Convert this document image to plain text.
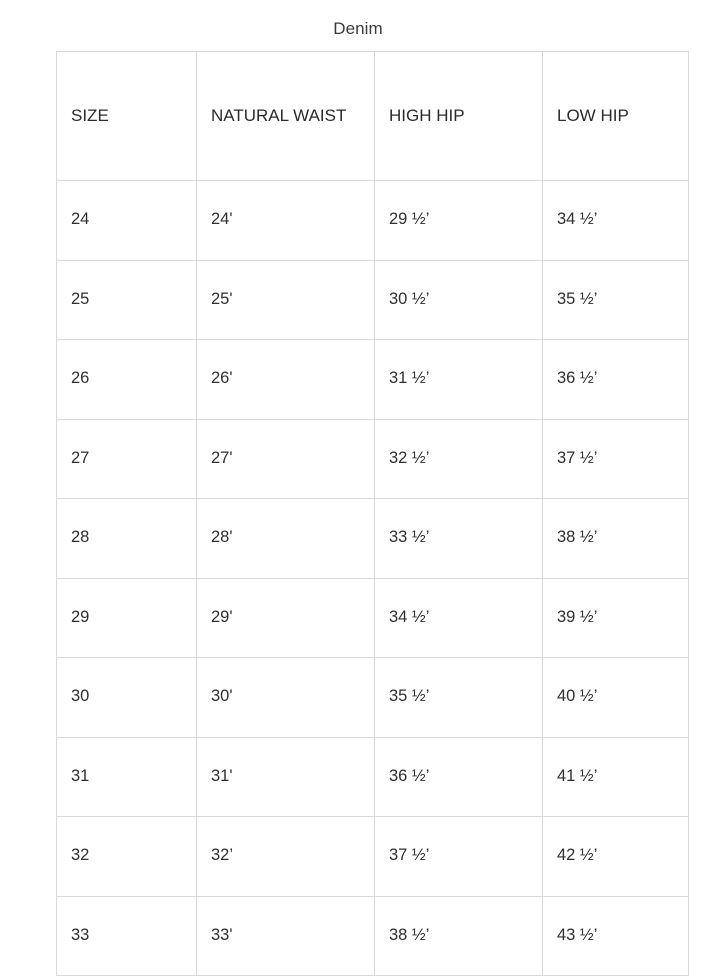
Denim
SIZE	NATURAL WAIST	HIGH HIP	LOW HIP
24	24'	29 ½’	34 ½’
25	25'	30 ½’	35 ½’
26	26'	31 ½’	36 ½’
27	27'	32 ½’	37 ½’
28	28'	33 ½’	38 ½’
29	29'	34 ½’	39 ½’
30	30'	35 ½’	40 ½’
31	31'	36 ½’	41 ½’
32	32’	37 ½’	42 ½’
33	33'	38 ½’	43 ½’
